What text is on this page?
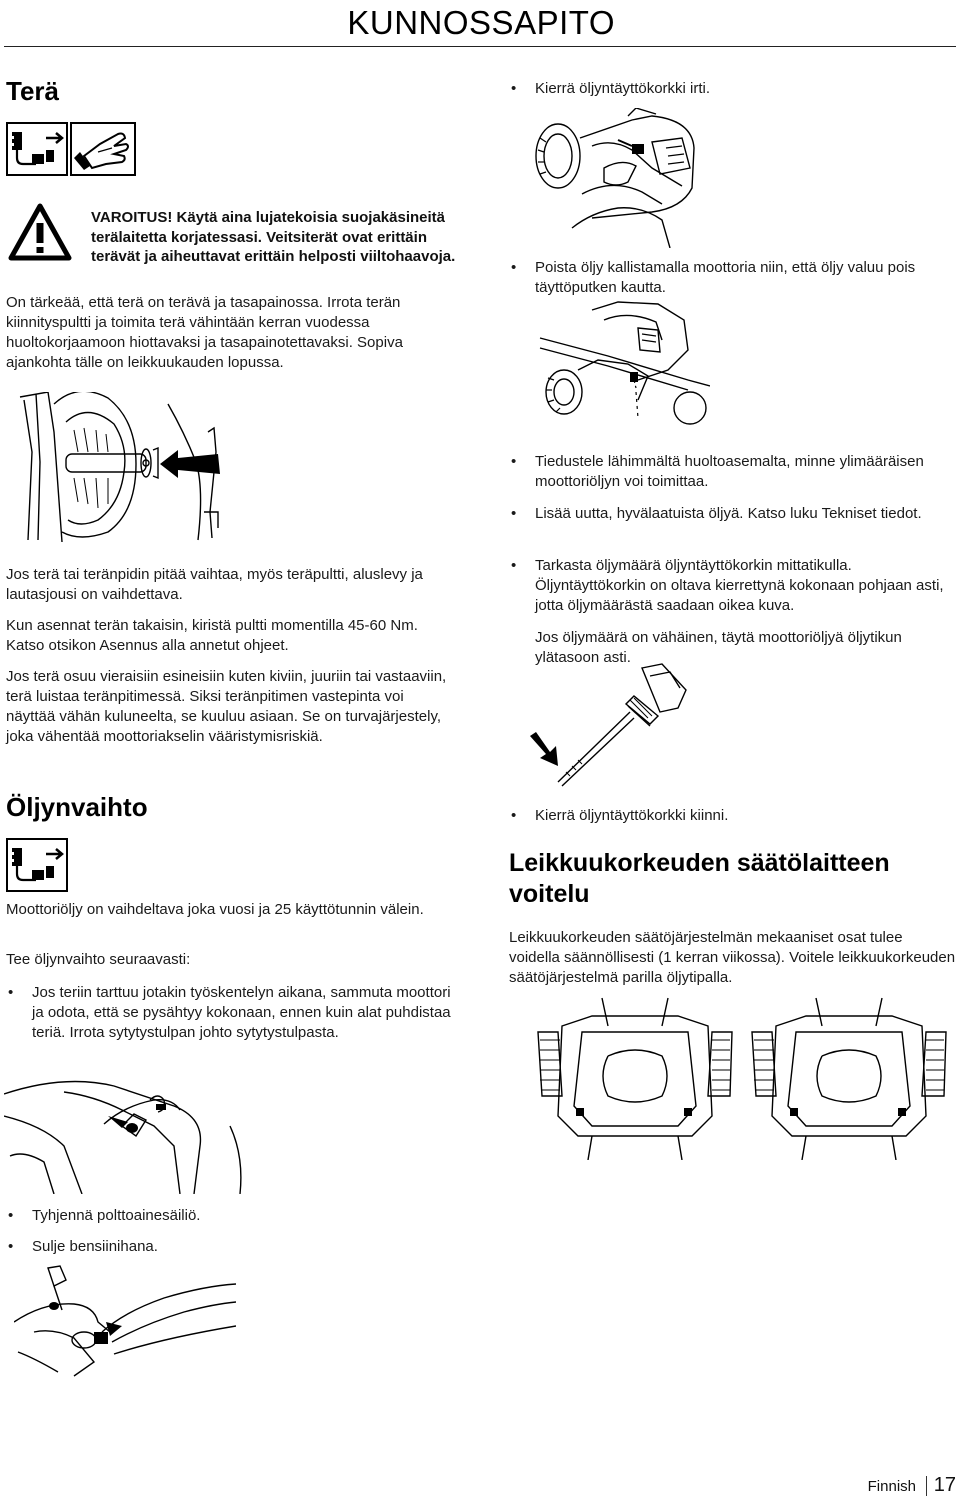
KUNNOSSAPITO
Terä
VAROITUS! Käytä aina lujatekoisia suojakäsineitä terälaitetta korjatessasi. Veitsiterät ovat erittäin terävät ja aiheuttavat erittäin helposti viiltohaavoja.
On tärkeää, että terä on terävä ja tasapainossa. Irrota terän kiinnityspultti ja toimita terä vähintään kerran vuodessa huoltokorjaamoon hiottavaksi ja tasapainotettavaksi. Sopiva ajankohta tälle on leikkuukauden lopussa.
Jos terä tai teränpidin pitää vaihtaa, myös teräpultti, aluslevy ja lautasjousi on vaihdettava.
Kun asennat terän takaisin, kiristä pultti momentilla 45-60 Nm. Katso otsikon Asennus alla annetut ohjeet.
Jos terä osuu vieraisiin esineisiin kuten kiviin, juuriin tai vastaaviin, terä luistaa teränpitimessä. Siksi teränpitimen vastepinta voi näyttää vähän kuluneelta, se kuuluu asiaan. Se on turvajärjestely, joka vähentää moottoriakselin vääristymisriskiä.
Öljynvaihto
Moottoriöljy on vaihdeltava joka vuosi ja 25 käyttötunnin välein.
Tee öljynvaihto seuraavasti:
• Jos teriin tarttuu jotakin työskentelyn aikana, sammuta moottori ja odota, että se pysähtyy kokonaan, ennen kuin alat puhdistaa teriä. Irrota sytytystulpan johto sytytystulpasta.
• Tyhjennä polttoainesäiliö.
• Sulje bensiinihana.
• Kierrä öljyntäyttökorkki irti.
• Poista öljy kallistamalla moottoria niin, että öljy valuu pois täyttöputken kautta.
• Tiedustele lähimmältä huoltoasemalta, minne ylimääräisen moottoriöljyn voi toimittaa.
• Lisää uutta, hyvälaatuista öljyä. Katso luku Tekniset tiedot.
• Tarkasta öljymäärä öljyntäyttökorkin mittatikulla. Öljyntäyttökorkin on oltava kierrettynä kokonaan pohjaan asti, jotta öljymäärästä saadaan oikea kuva.
Jos öljymäärä on vähäinen, täytä moottoriöljyä öljytikun ylätasoon asti.
• Kierrä öljyntäyttökorkki kiinni.
Leikkuukorkeuden säätölaitteen voitelu
Leikkuukorkeuden säätöjärjestelmän mekaaniset osat tulee voidella säännöllisesti (1 kerran viikossa). Voitele leikkuukorkeuden säätöjärjestelmä parilla öljytipalla.
Finnish 17
